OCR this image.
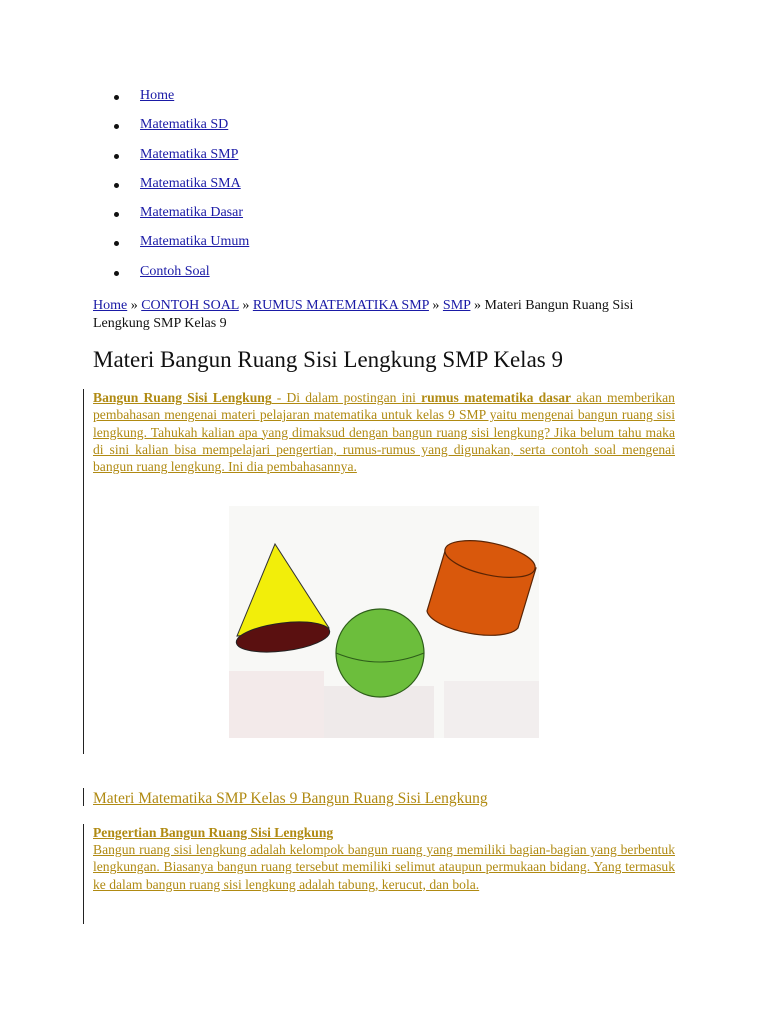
Home
Matematika SD
Matematika SMP
Matematika SMA
Matematika Dasar
Matematika Umum
Contoh Soal
Home » CONTOH SOAL » RUMUS MATEMATIKA SMP » SMP » Materi Bangun Ruang Sisi Lengkung SMP Kelas 9
Materi Bangun Ruang Sisi Lengkung SMP Kelas 9

Bangun Ruang Sisi Lengkung - Di dalam postingan ini rumus matematika dasar akan memberikan pembahasan mengenai materi pelajaran matematika untuk kelas 9 SMP yaitu mengenai bangun ruang sisi lengkung. Tahukah kalian apa yang dimaksud dengan bangun ruang sisi lengkung? Jika belum tahu maka di sini kalian bisa mempelajari pengertian, rumus-rumus yang digunakan, serta contoh soal mengenai bangun ruang lengkung. Ini dia pembahasannya.

Materi Matematika SMP Kelas 9 Bangun Ruang Sisi Lengkung
Pengertian Bangun Ruang Sisi Lengkung

Bangun ruang sisi lengkung adalah kelompok bangun ruang yang memiliki bagian-bagian yang berbentuk lengkungan. Biasanya bangun ruang tersebut memiliki selimut ataupun permukaan bidang. Yang termasuk ke dalam bangun ruang sisi lengkung adalah tabung, kerucut, dan bola.
